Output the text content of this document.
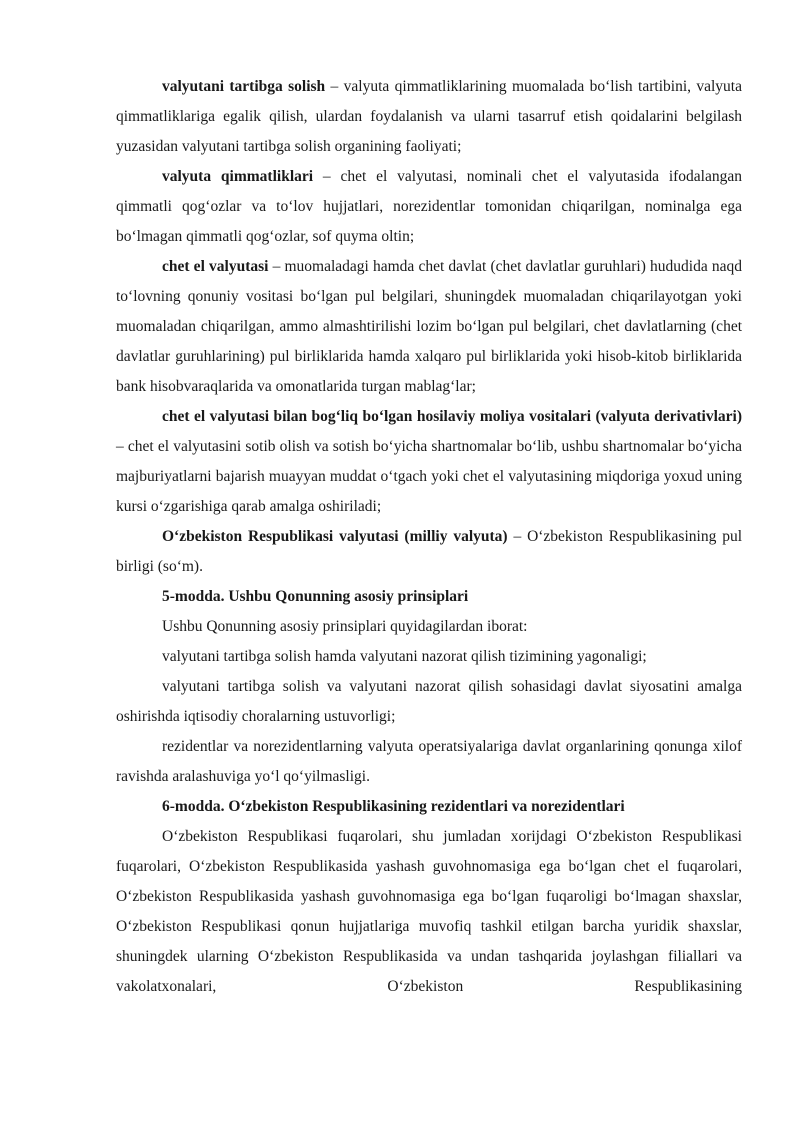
valyutani tartibga solish – valyuta qimmatliklarining muomalada bo‘lish tartibini, valyuta qimmatliklariga egalik qilish, ulardan foydalanish va ularni tasarruf etish qoidalarini belgilash yuzasidan valyutani tartibga solish organining faoliyati;

valyuta qimmatliklari – chet el valyutasi, nominali chet el valyutasida ifodalangan qimmatli qog‘ozlar va to‘lov hujjatlari, norezidentlar tomonidan chiqarilgan, nominalga ega bo‘lmagan qimmatli qog‘ozlar, sof quyma oltin;

chet el valyutasi – muomaladagi hamda chet davlat (chet davlatlar guruhlari) hududida naqd to‘lovning qonuniy vositasi bo‘lgan pul belgilari, shuningdek muomaladan chiqarilayotgan yoki muomaladan chiqarilgan, ammo almashtirilishi lozim bo‘lgan pul belgilari, chet davlatlarning (chet davlatlar guruhlarining) pul birliklarida hamda xalqaro pul birliklarida yoki hisob-kitob birliklarida bank hisobvaraqlarida va omonatlarida turgan mablag‘lar;

chet el valyutasi bilan bog‘liq bo‘lgan hosilaviy moliya vositalari (valyuta derivativlari) – chet el valyutasini sotib olish va sotish bo‘yicha shartnomalar bo‘lib, ushbu shartnomalar bo‘yicha majburiyatlarni bajarish muayyan muddat o‘tgach yoki chet el valyutasining miqdoriga yoxud uning kursi o‘zgarishiga qarab amalga oshiriladi;

O‘zbekiston Respublikasi valyutasi (milliy valyuta) – O‘zbekiston Respublikasining pul birligi (so‘m).

5-modda. Ushbu Qonunning asosiy prinsiplari

Ushbu Qonunning asosiy prinsiplari quyidagilardan iborat:

valyutani tartibga solish hamda valyutani nazorat qilish tizimining yagonaligi;

valyutani tartibga solish va valyutani nazorat qilish sohasidagi davlat siyosatini amalga oshirishda iqtisodiy choralarning ustuvorligi;

rezidentlar va norezidentlarning valyuta operatsiyalariga davlat organlarining qonunga xilof ravishda aralashuviga yo‘l qo‘yilmasligi.

6-modda. O‘zbekiston Respublikasining rezidentlari va norezidentlari

O‘zbekiston Respublikasi fuqarolari, shu jumladan xorijdagi O‘zbekiston Respublikasi fuqarolari, O‘zbekiston Respublikasida yashash guvohnomasiga ega bo‘lgan chet el fuqarolari, O‘zbekiston Respublikasida yashash guvohnomasiga ega bo‘lgan fuqaroligi bo‘lmagan shaxslar, O‘zbekiston Respublikasi qonun hujjatlariga muvofiq tashkil etilgan barcha yuridik shaxslar, shuningdek ularning O‘zbekiston Respublikasida va undan tashqarida joylashgan filiallari va vakolatxonalari, O‘zbekiston Respublikasining
